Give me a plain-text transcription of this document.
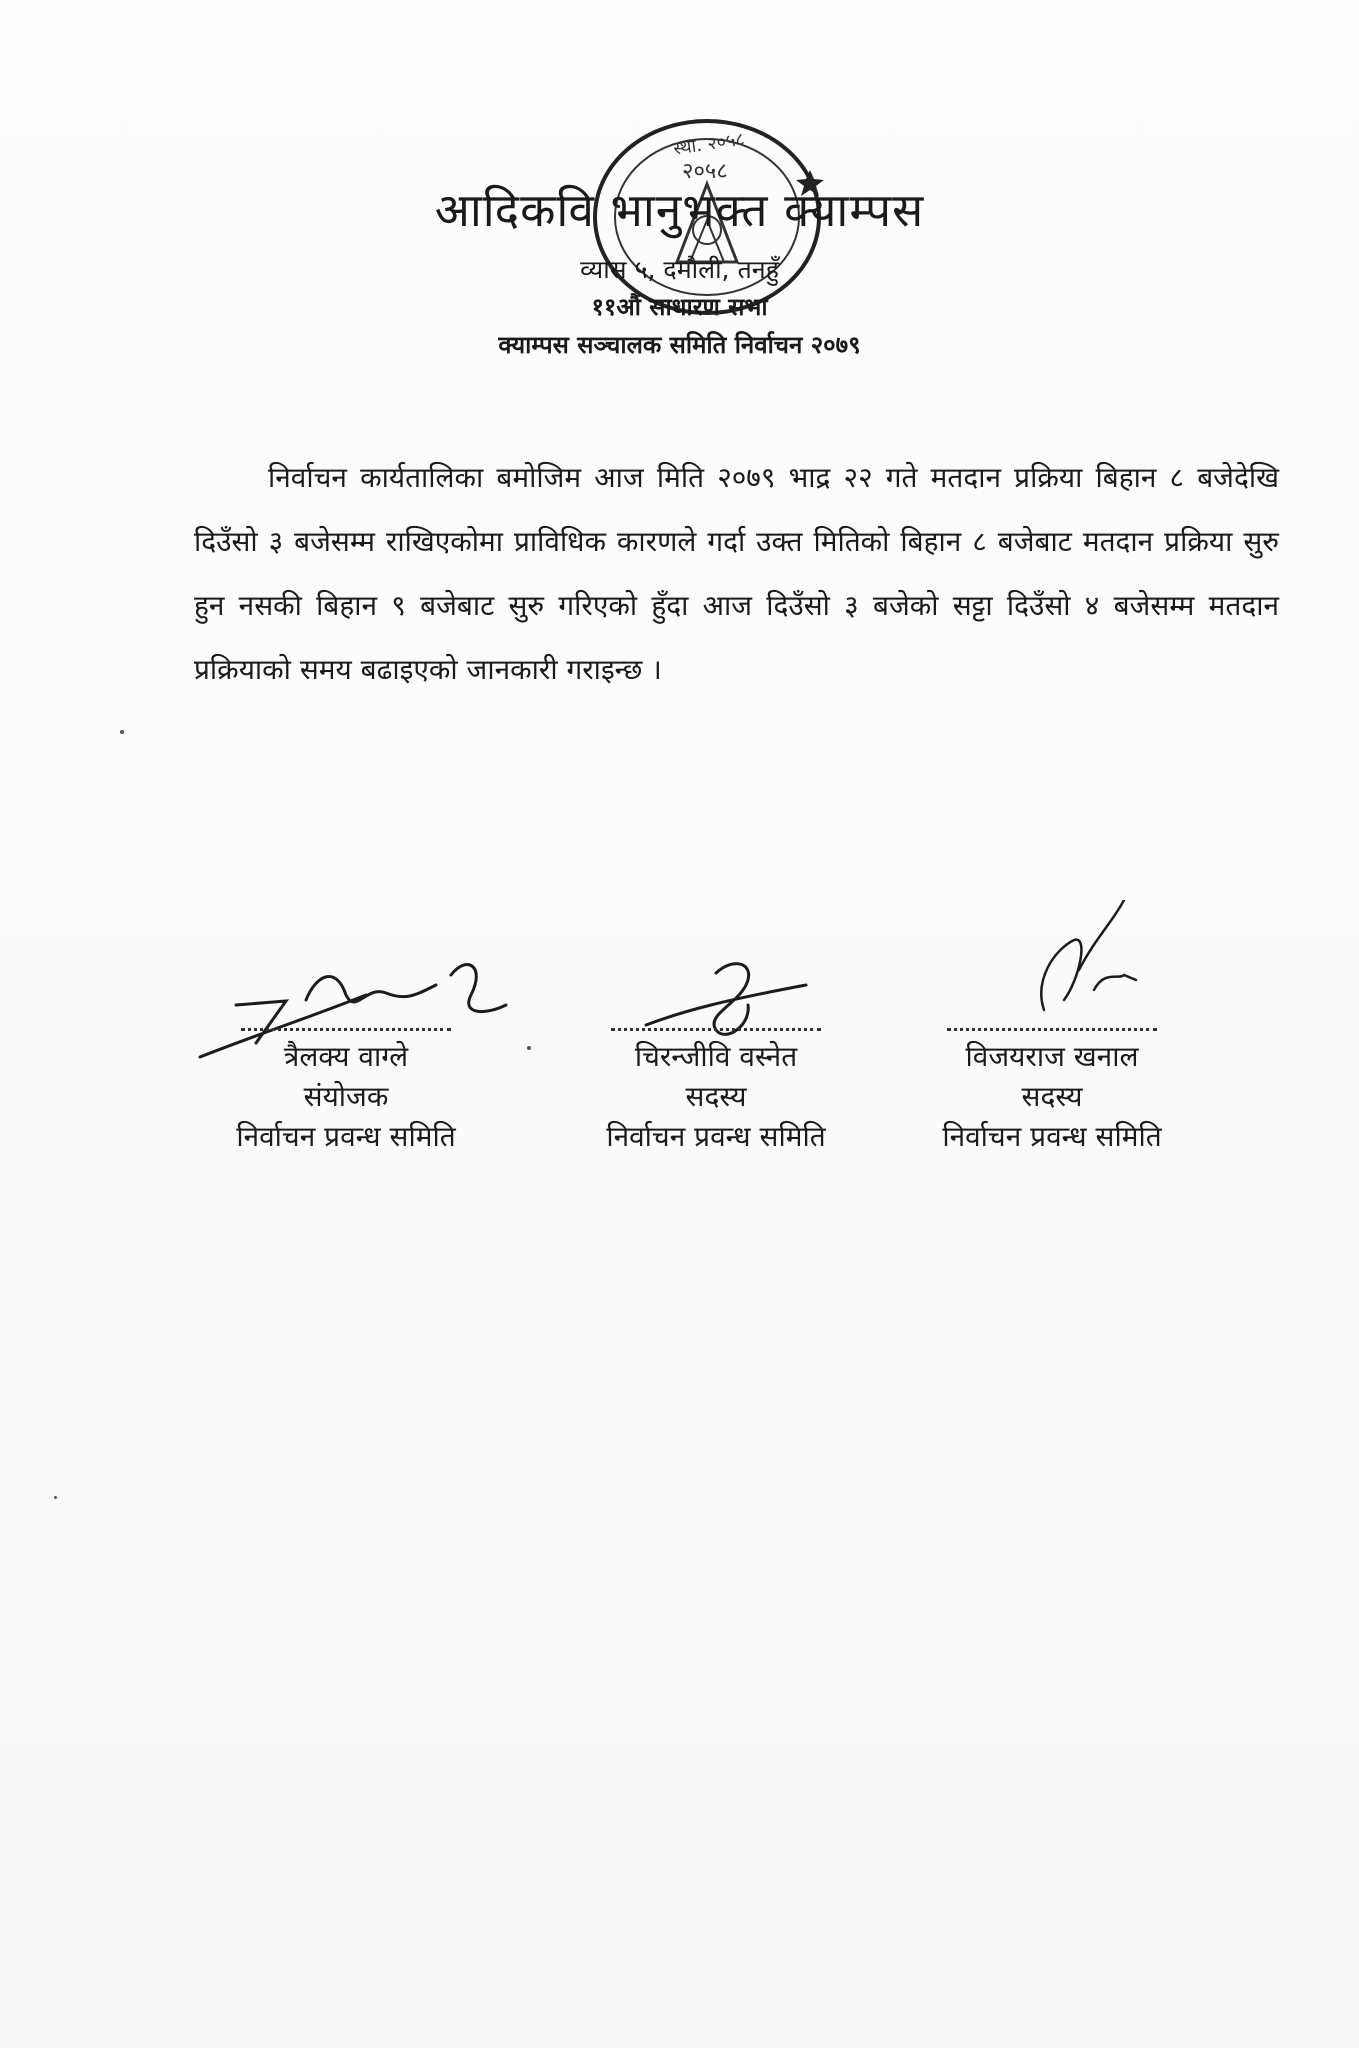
स्था. २०५८
२०५८
आदिकवि भानुभक्त क्याम्पस
व्यास ५, दमौली, तनहुँ
११औं साधारण सभा
क्याम्पस सञ्चालक समिति निर्वाचन २०७९

निर्वाचन कार्यतालिका बमोजिम आज मिति २०७९ भाद्र २२ गते मतदान प्रक्रिया बिहान ८ बजेदेखि दिउँसो ३ बजेसम्म राखिएकोमा प्राविधिक कारणले गर्दा उक्त मितिको बिहान ८ बजेबाट मतदान प्रक्रिया सुरु हुन नसकी बिहान ९ बजेबाट सुरु गरिएको हुँदा आज दिउँसो ३ बजेको सट्टा दिउँसो ४ बजेसम्म मतदान प्रक्रियाको समय बढाइएको जानकारी गराइन्छ ।

त्रैलक्य वाग्ले
संयोजक
निर्वाचन प्रवन्ध समिति
चिरन्जीवि वस्नेत
सदस्य
निर्वाचन प्रवन्ध समिति
विजयराज खनाल
सदस्य
निर्वाचन प्रवन्ध समिति
